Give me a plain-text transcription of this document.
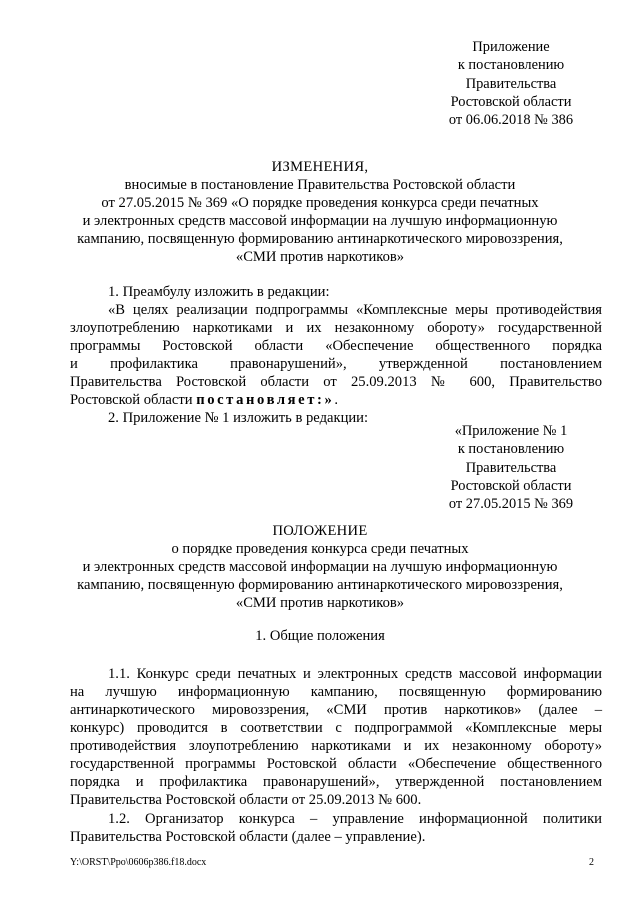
Приложение
к постановлению
Правительства
Ростовской области
от 06.06.2018 № 386
ИЗМЕНЕНИЯ,
вносимые в постановление Правительства Ростовской области
от 27.05.2015 № 369 «О порядке проведения конкурса среди печатных
и электронных средств массовой информации на лучшую информационную
кампанию, посвященную формированию антинаркотического мировоззрения,
«СМИ против наркотиков»
1. Преамбулу изложить в редакции:
«В целях реализации подпрограммы «Комплексные меры противодействия
злоупотреблению наркотиками и их незаконному обороту» государственной
программы Ростовской области «Обеспечение общественного порядка
и профилактика правонарушений», утвержденной постановлением
Правительства Ростовской области от 25.09.2013 № 600, Правительство
Ростовской области постановляет:».
2. Приложение № 1 изложить в редакции:
«Приложение № 1
к постановлению
Правительства
Ростовской области
от 27.05.2015 № 369
ПОЛОЖЕНИЕ
о порядке проведения конкурса среди печатных
и электронных средств массовой информации на лучшую информационную
кампанию, посвященную формированию антинаркотического мировоззрения,
«СМИ против наркотиков»
1. Общие положения
1.1. Конкурс среди печатных и электронных средств массовой информации
на лучшую информационную кампанию, посвященную формированию
антинаркотического мировоззрения, «СМИ против наркотиков» (далее –
конкурс) проводится в соответствии с подпрограммой «Комплексные меры
противодействия злоупотреблению наркотиками и их незаконному обороту»
государственной программы Ростовской области «Обеспечение общественного
порядка и профилактика правонарушений», утвержденной постановлением
Правительства Ростовской области от 25.09.2013 № 600.
1.2. Организатор конкурса – управление информационной политики
Правительства Ростовской области (далее – управление).
Y:\ORST\Ppo\0606p386.f18.docx	2
